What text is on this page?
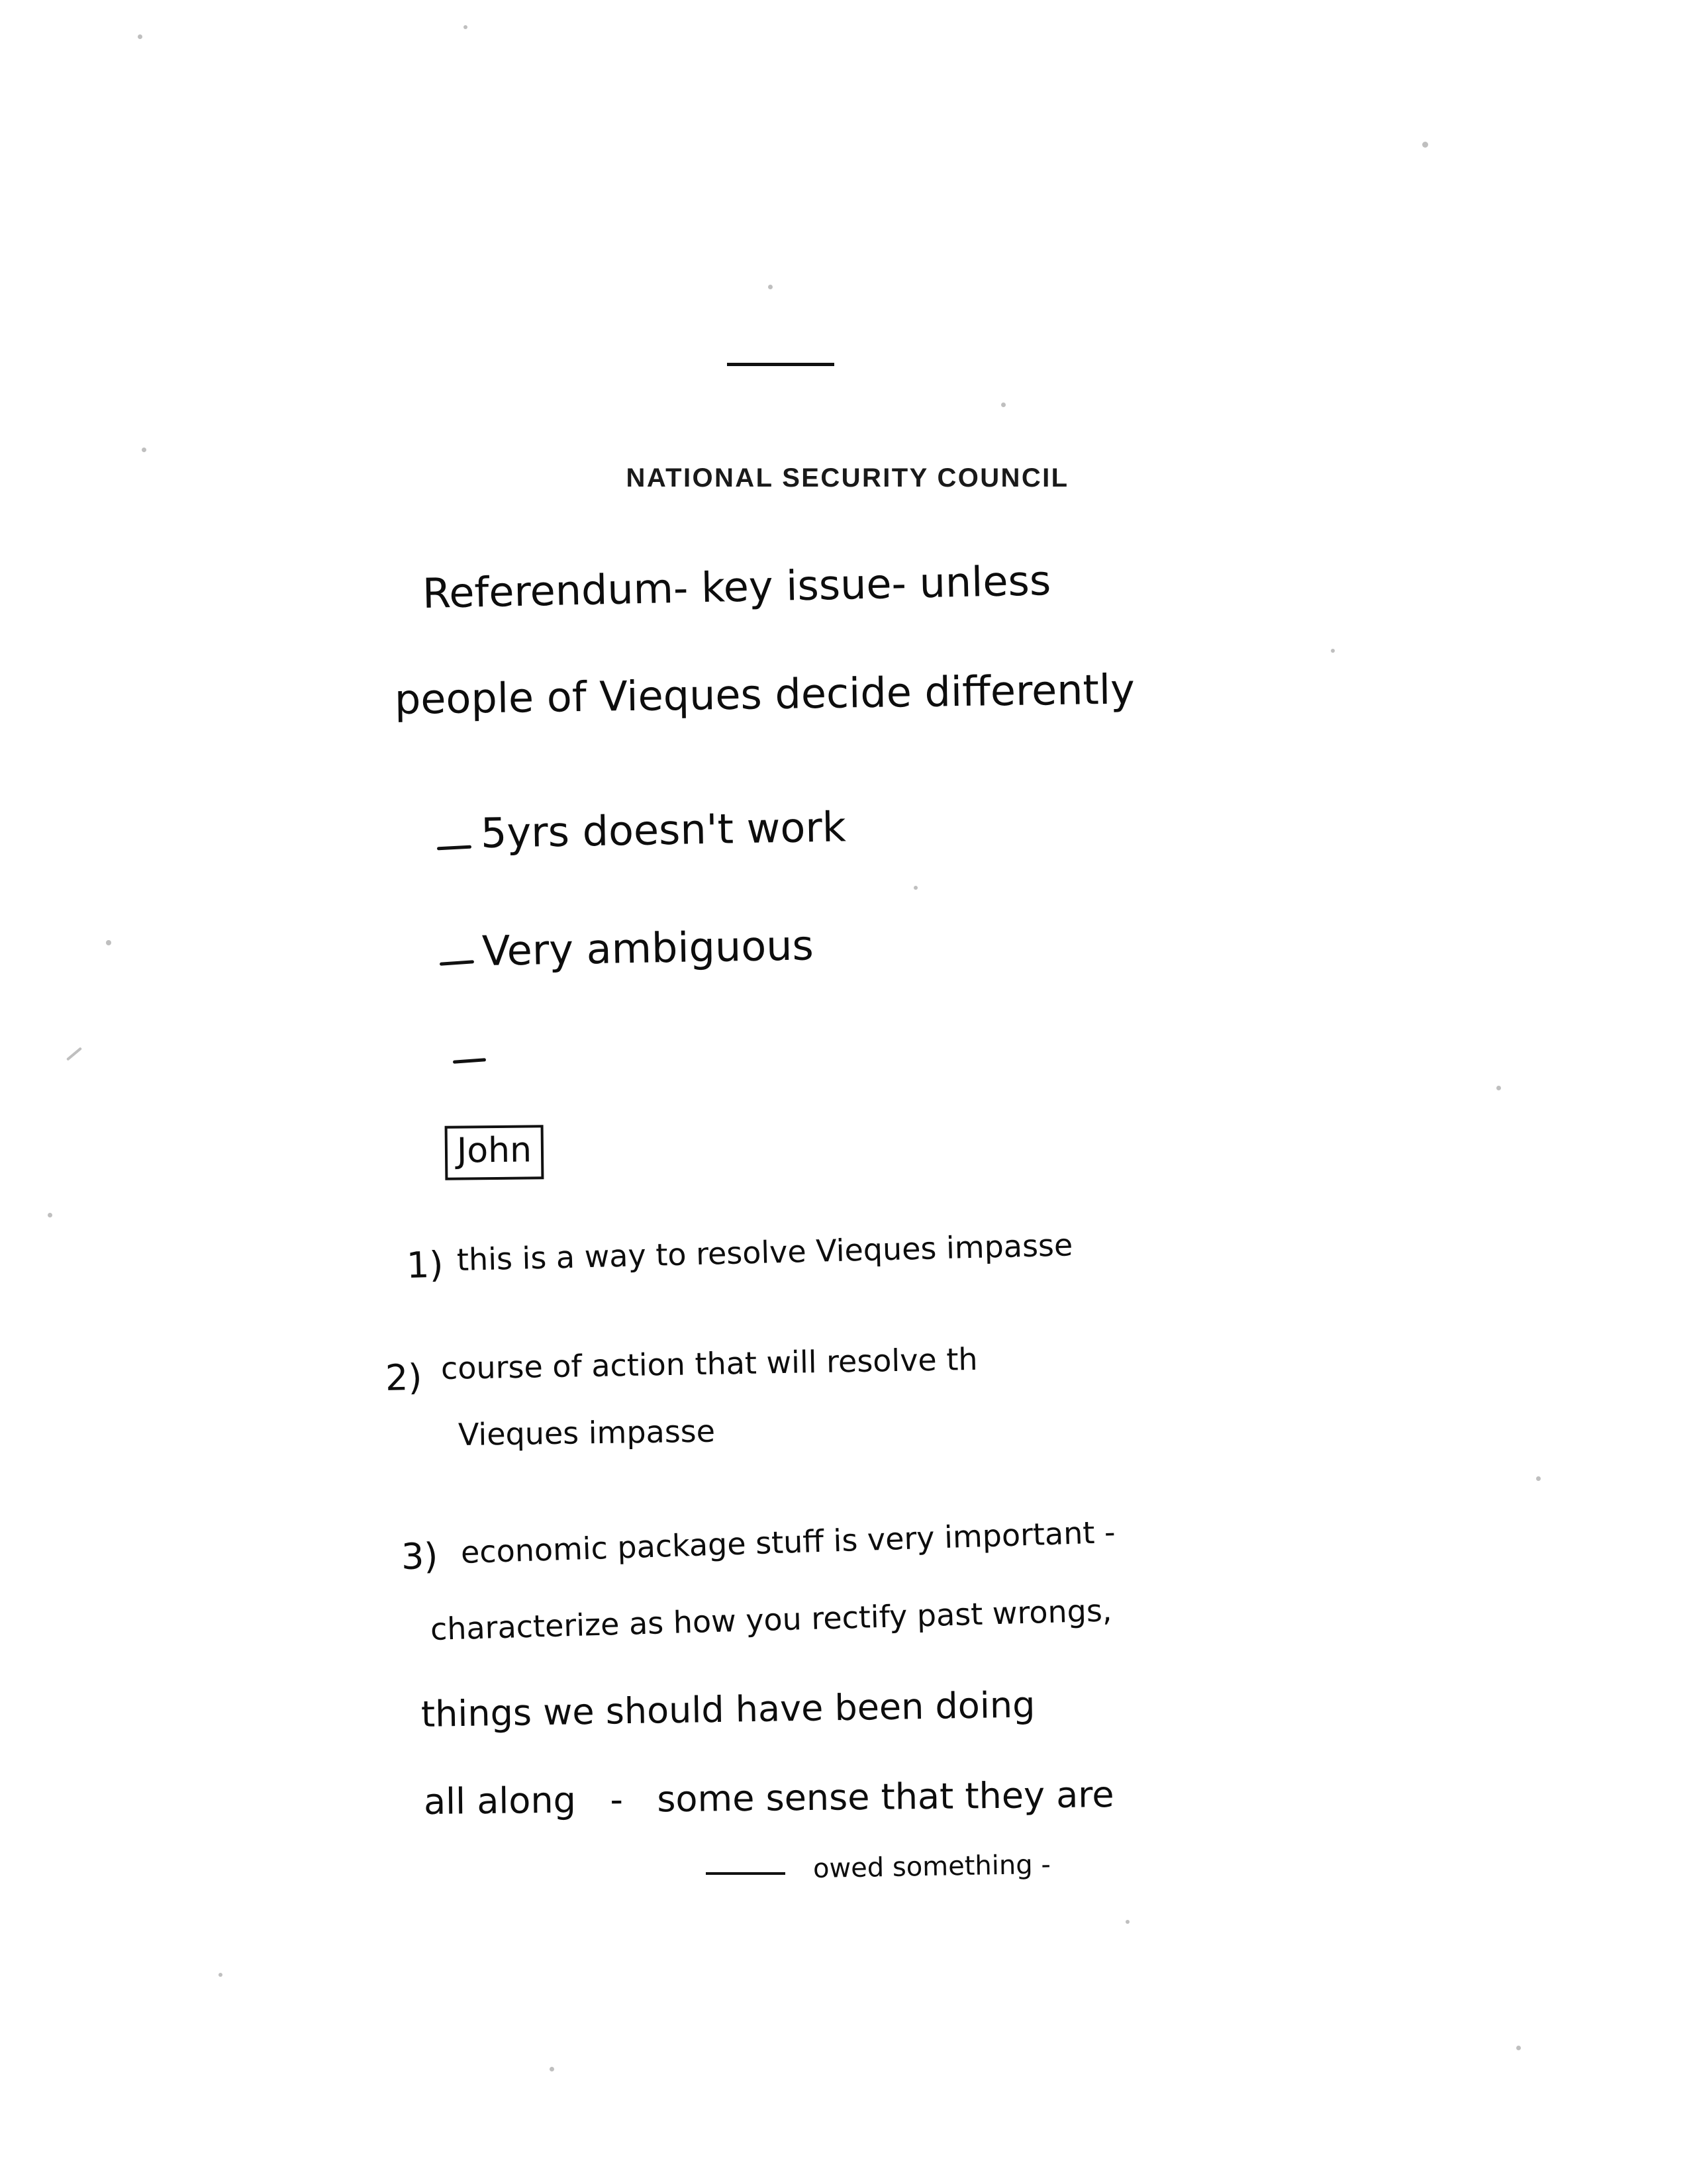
NATIONAL SECURITY COUNCIL
Referendum- key issue- unless
people of Vieques decide differently
5yrs doesn't work
Very ambiguous
John
1) this is a way to resolve Vieques impasse
2) course of action that will resolve th
Vieques impasse
3) economic package stuff is very important -
characterize as how you rectify past wrongs,
things we should have been doing
all along   -   some sense that they are
owed something -
